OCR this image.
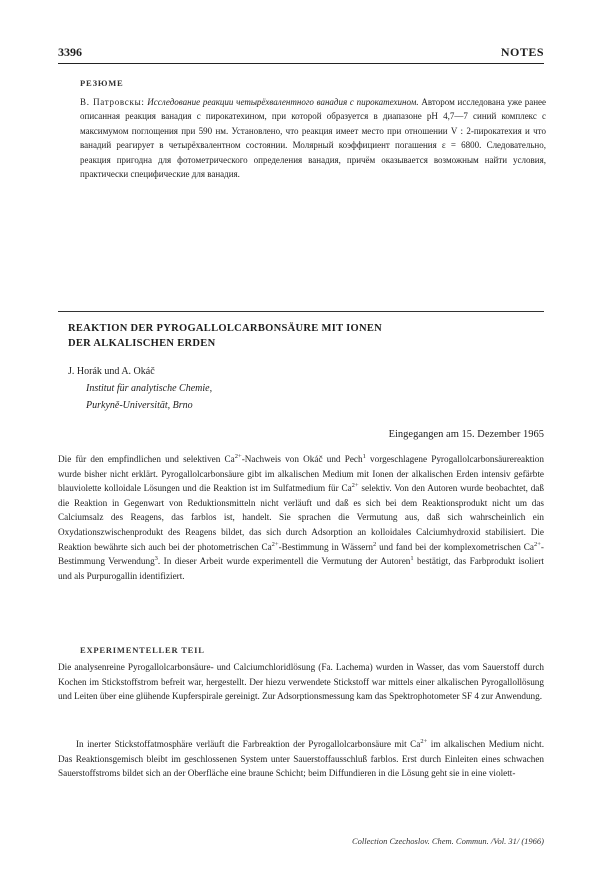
3396	NOTES
РЕЗЮМЕ

В. Патровскы: Исследование реакции четырёхвалентного ванадия с пирокатехином. Автором исследована уже ранее описанная реакция ванадия с пирокатехином, при которой образуется в диапазоне рН 4,7—7 синий комплекс с максимумом поглощения при 590 нм. Установлено, что реакция имеет место при отношении V : 2-пирокатехия и что ванадий реагирует в четырёхвалентном состоянии. Молярный коэффициент погашения ε = 6800. Следовательно, реакция пригодна для фотометрического определения ванадия, причём оказывается возможным найти условия, практически специфические для ванадия.

REAKTION DER PYROGALLOLCARBONSÄURE MIT IONEN
DER ALKALISCHEN ERDEN
J. Horák und A. Okáč
Institut für analytische Chemie,
Purkyně-Universität, Brno
Eingegangen am 15. Dezember 1965

Die für den empfindlichen und selektiven $Ca^{2+}$-Nachweis von Okáč und Pech$^1$ vorgeschlagene Pyrogallolcarbonsäurereaktion wurde bisher nicht erklärt. Pyrogallolcarbonsäure gibt im alkalischen Medium mit Ionen der alkalischen Erden intensiv gefärbte blauviolette kolloidale Lösungen und die Reaktion ist im Sulfatmedium für $Ca^{2+}$ selektiv. Von den Autoren wurde beobachtet, daß die Reaktion in Gegenwart von Reduktionsmitteln nicht verläuft und daß es sich bei dem Reaktionsprodukt nicht um das Calciumsalz des Reagens, das farblos ist, handelt. Sie sprachen die Vermutung aus, daß sich wahrscheinlich ein Oxydationszwischenprodukt des Reagens bildet, das sich durch Adsorption an kolloidales Calciumhydroxid stabilisiert. Die Reaktion bewährte sich auch bei der photometrischen $Ca^{2+}$-Bestimmung in Wässern$^2$ und fand bei der komplexometrischen $Ca^{2+}$-Bestimmung Verwendung$^3$. In dieser Arbeit wurde experimentell die Vermutung der Autoren$^1$ bestätigt, das Farbprodukt isoliert und als Purpurogallin identifiziert.

EXPERIMENTELLER TEIL

Die analysenreine Pyrogallolcarbonsäure- und Calciumchloridlösung (Fa. Lachema) wurden in Wasser, das vom Sauerstoff durch Kochen im Stickstoffstrom befreit war, hergestellt. Der hiezu verwendete Stickstoff war mittels einer alkalischen Pyrogallollösung und Leiten über eine glühende Kupferspirale gereinigt. Zur Adsorptionsmessung kam das Spektrophotometer SF 4 zur Anwendung.

In inerter Stickstoffatmosphäre verläuft die Farbreaktion der Pyrogallolcarbonsäure mit $Ca^{2+}$ im alkalischen Medium nicht. Das Reaktionsgemisch bleibt im geschlossenen System unter Sauerstoffausschluß farblos. Erst durch Einleiten eines schwachen Sauerstoffstroms bildet sich an der Oberfläche eine braune Schicht; beim Diffundieren in die Lösung geht sie in eine violett-

Collection Czechoslov. Chem. Commun. /Vol. 31/ (1966)
